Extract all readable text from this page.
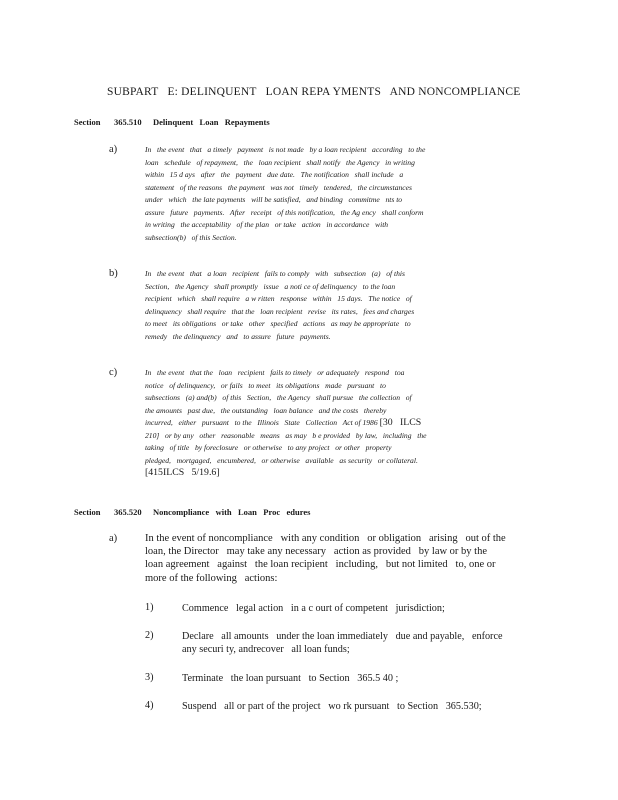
SUBPART   E: DELINQUENT   LOAN REPA YMENTS   AND NONCOMPLIANCE
Section 365.510 Delinquent   Loan   Repayments
a)	In   the event   that   a timely   payment   is not made   by a loan recipient   according   to the
loan   schedule   of repayment,   the   loan recipient   shall notify   the Agency   in writing
within   15 d ays   after   the   payment   due date.   The notification   shall include   a
statement   of the reasons   the payment   was not   timely   tendered,   the circumstances
under   which   the late payments   will be satisfied,   and binding   commitme   nts to
assure   future   payments.   After   receipt   of this notification,   the Ag ency   shall conform
in writing   the acceptability   of the plan   or take   action   in accordance   with
subsection(b)   of this Section.
b)	In   the event   that   a loan   recipient   fails to comply   with   subsection   (a)   of this
Section,   the Agency   shall promptly   issue   a noti ce of delinquency   to the loan
recipient   which   shall require   a w ritten   response   within   15 days.   The notice   of
delinquency   shall require   that the   loan recipient   revise   its rates,   fees and charges
to meet   its obligations   or take   other   specified   actions   as may be appropriate   to
remedy   the delinquency   and   to assure   future   payments.
c)	In   the event   that the   loan   recipient   fails to timely   or adequately   respond   toa
notice   of delinquency,   or fails   to meet   its obligations   made   pursuant   to
subsections   (a) and(b)   of this   Section,   the Agency   shall pursue   the collection   of
the amounts   past due,   the outstanding   loan balance   and the costs   thereby
incurred,   either   pursuant   to the   Illinois   State   Collection   Act of 1986 [30   ILCS
210]   or by any   other   reasonable   means   as may   b e provided   by law,   including   the
taking   of title   by foreclosure   or otherwise   to any project   or other   property
pledged,   mortgaged,   encumbered,   or otherwise   available   as security   or collateral.
[415ILCS   5/19.6]
Section 365.520 Noncompliance   with   Loan   Proc   edures
a)	In the event of noncompliance   with any condition   or obligation   arising   out of the
loan, the Director   may take any necessary   action as provided   by law or by the
loan agreement   against   the loan recipient   including,   but not limited   to, one or
more of the following   actions:
1)	Commence   legal action   in a c ourt of competent   jurisdiction;
2)	Declare   all amounts   under the loan immediately   due and payable,   enforce
any securi ty, andrecover   all loan funds;
3)	Terminate   the loan pursuant   to Section   365.5 40 ;
4)	Suspend   all or part of the project   wo rk pursuant   to Section   365.530;
